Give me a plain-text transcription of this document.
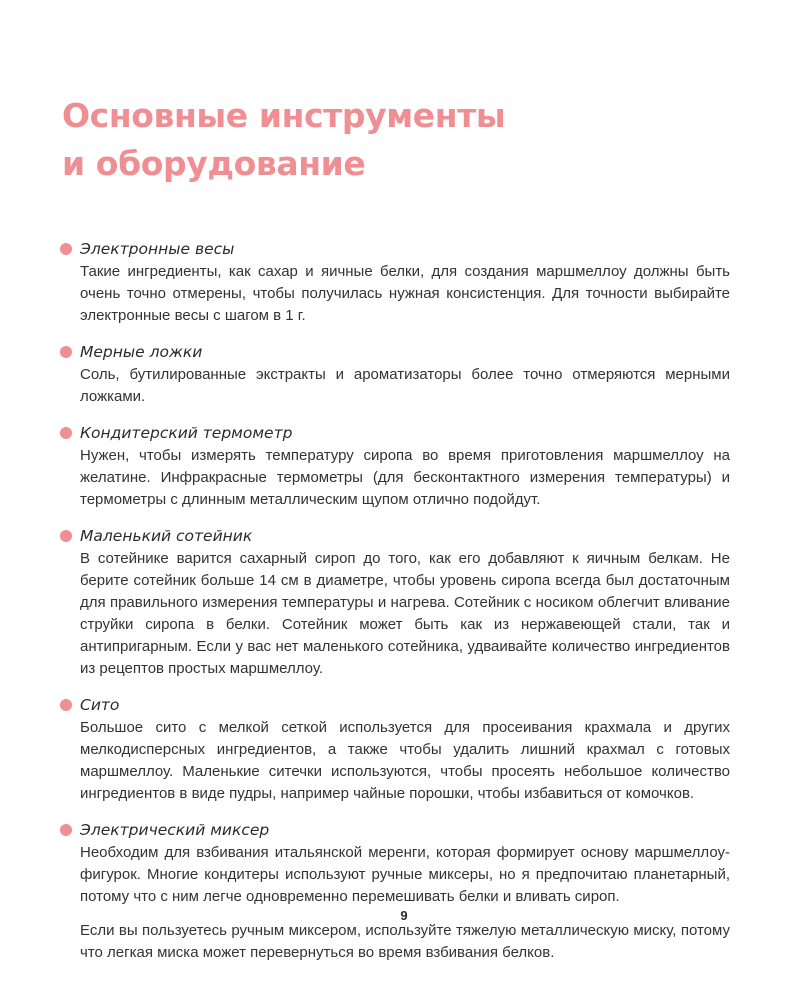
Основные инструменты
и оборудование
Электронные весы

Такие ингредиенты, как сахар и яичные белки, для создания маршмеллоу должны быть очень точно отмерены, чтобы получилась нужная консистенция. Для точности выбирайте электронные весы с шагом в 1 г.

Мерные ложки

Соль, бутилированные экстракты и ароматизаторы более точно отмеряются мерными ложками.

Кондитерский термометр

Нужен, чтобы измерять температуру сиропа во время приготовления маршмеллоу на желатине. Инфракрасные термометры (для бесконтактного измерения температуры) и термометры с длинным металлическим щупом отлично подойдут.

Маленький сотейник

В сотейнике варится сахарный сироп до того, как его добавляют к яичным белкам. Не берите сотейник больше 14 см в диаметре, чтобы уровень сиропа всегда был достаточным для правильного измерения температуры и нагрева. Сотейник с носиком облегчит вливание струйки сиропа в белки. Сотейник может быть как из нержавеющей стали, так и антипригарным. Если у вас нет маленького сотейника, удваивайте количество ингредиентов из рецептов простых маршмеллоу.

Сито

Большое сито с мелкой сеткой используется для просеивания крахмала и других мелкодисперсных ингредиентов, а также чтобы удалить лишний крахмал с готовых маршмеллоу. Маленькие ситечки используются, чтобы просеять небольшое количество ингредиентов в виде пудры, например чайные порошки, чтобы избавиться от комочков.

Электрический миксер

Необходим для взбивания итальянской меренги, которая формирует основу маршмеллоу-фигурок. Многие кондитеры используют ручные миксеры, но я предпочитаю планетарный, потому что с ним легче одновременно перемешивать белки и вливать сироп.

Если вы пользуетесь ручным миксером, используйте тяжелую металлическую миску, потому что легкая миска может перевернуться во время взбивания белков.

9
